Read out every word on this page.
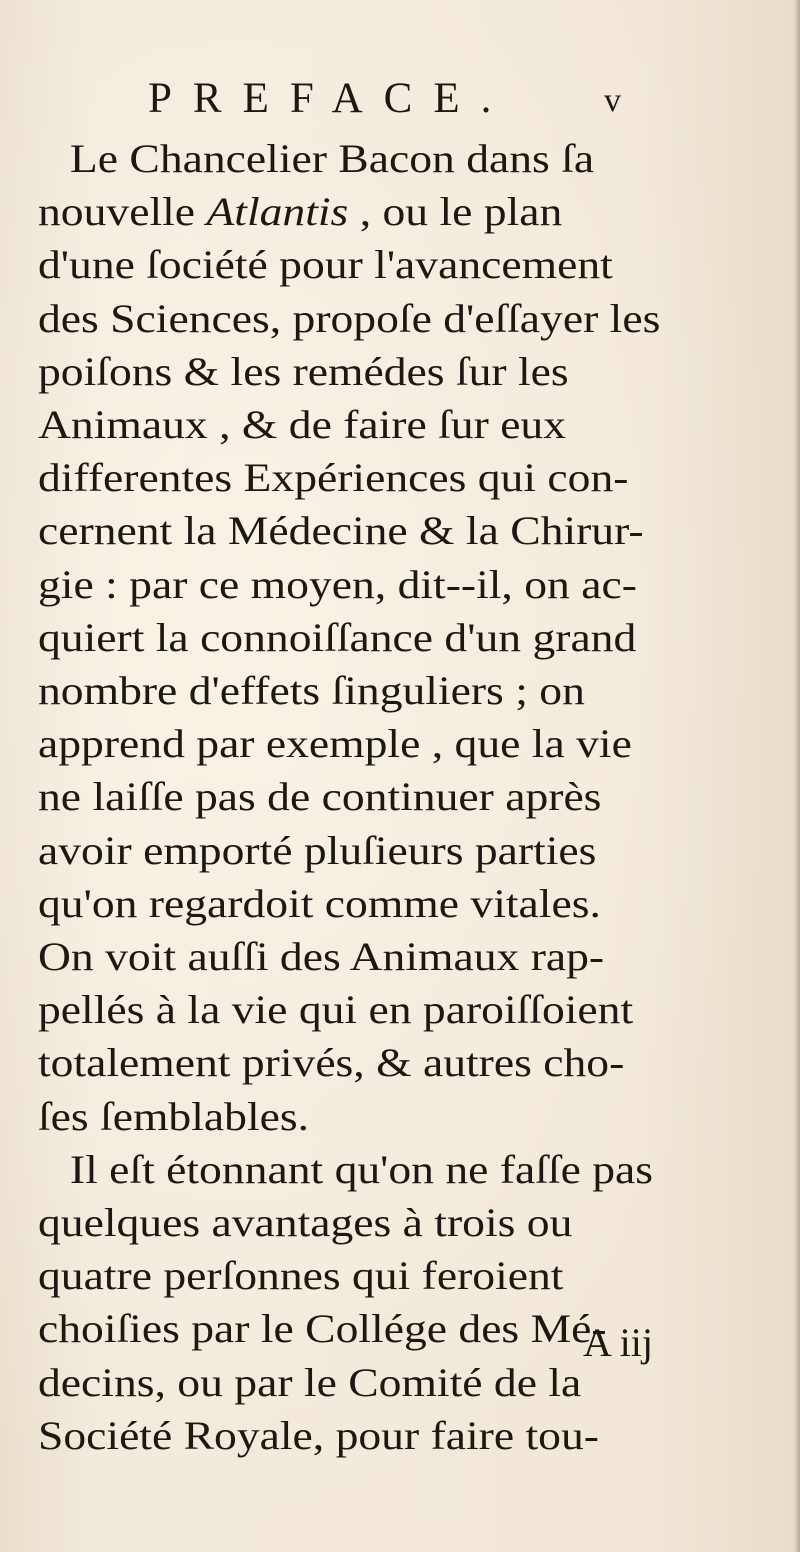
PREFACE.	v
Le Chancelier Bacon dans ſa
nouvelle Atlantis , ou le plan
d'une ſociété pour l'avancement
des Sciences, propoſe d'eſſayer les
poiſons & les remédes ſur les
Animaux , & de faire ſur eux
differentes Expériences qui con-
cernent la Médecine & la Chirur-
gie : par ce moyen, dit--il, on ac-
quiert la connoiſſance d'un grand
nombre d'effets ſinguliers ; on
apprend par exemple , que la vie
ne laiſſe pas de continuer après
avoir emporté pluſieurs parties
qu'on regardoit comme vitales.
On voit auſſi des Animaux rap-
pellés à la vie qui en paroiſſoient
totalement privés, & autres cho-
ſes ſemblables.
Il eſt étonnant qu'on ne faſſe pas
quelques avantages à trois ou
quatre perſonnes qui feroient
choiſies par le Collége des Mé-
decins, ou par le Comité de la
Société Royale, pour faire tou-
A iij
